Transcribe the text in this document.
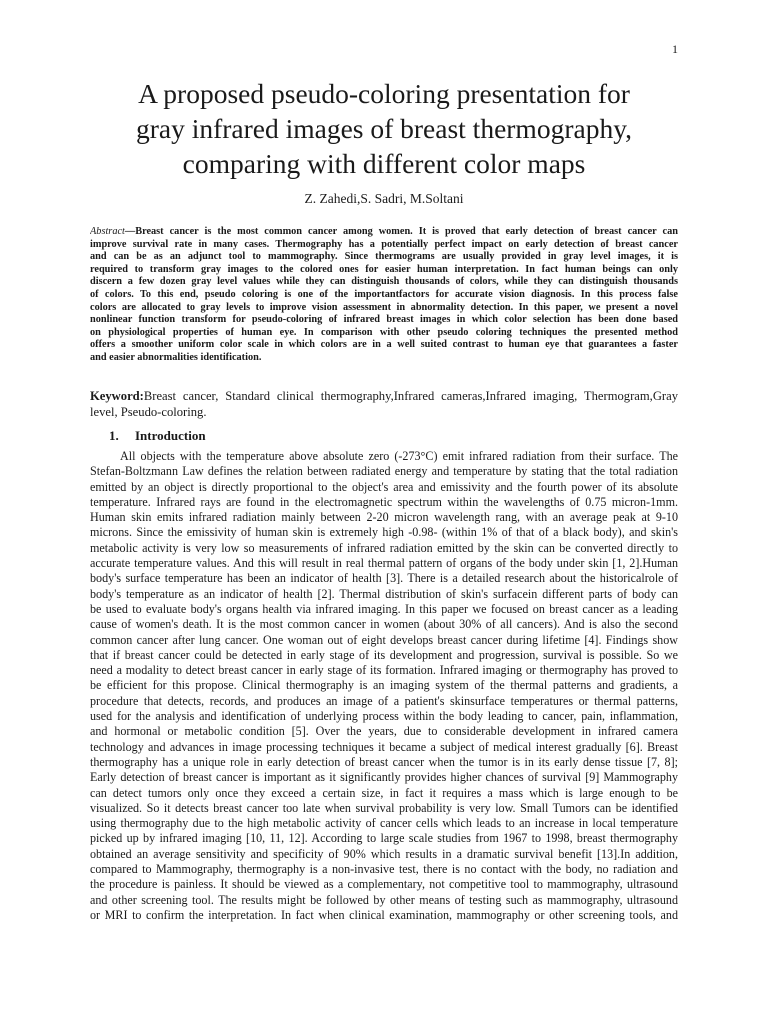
1
A proposed pseudo-coloring presentation for
gray infrared images of breast thermography,
comparing with different color maps
Z. Zahedi,S. Sadri, M.Soltani
Abstract—Breast cancer is the most common cancer among women. It is proved that early detection of breast cancer can
improve survival rate in many cases. Thermography has a potentially perfect impact on early detection of breast cancer
and can be as an adjunct tool to mammography. Since thermograms are usually provided in gray level images, it is
required to transform gray images to the colored ones for easier human interpretation. In fact human beings can only
discern a few dozen gray level values while they can distinguish thousands of colors, while they can distinguish thousands
of colors. To this end, pseudo coloring is one of the importantfactors for accurate vision diagnosis. In this process false
colors are allocated to gray levels to improve vision assessment in abnormality detection. In this paper, we present a novel
nonlinear function transform for pseudo-coloring of infrared breast images in which color selection has been done based
on physiological properties of human eye. In comparison with other pseudo coloring techniques the presented method
offers a smoother uniform color scale in which colors are in a well suited contrast to human eye that guarantees a faster
and easier abnormalities identification.
Keyword:Breast cancer, Standard clinical thermography,Infrared cameras,Infrared imaging, Thermogram,Gray
level, Pseudo-coloring.
1. Introduction
All objects with the temperature above absolute zero (-273°C) emit infrared radiation from their surface. The
Stefan-Boltzmann Law defines the relation between radiated energy and temperature by stating that the total radiation
emitted by an object is directly proportional to the object's area and emissivity and the fourth power of its absolute
temperature. Infrared rays are found in the electromagnetic spectrum within the wavelengths of 0.75 micron-1mm.
Human skin emits infrared radiation mainly between 2-20 micron wavelength rang, with an average peak at 9-10
microns. Since the emissivity of human skin is extremely high -0.98- (within 1% of that of a black body), and skin's
metabolic activity is very low so measurements of infrared radiation emitted by the skin can be converted directly to
accurate temperature values. And this will result in real thermal pattern of organs of the body under skin [1, 2].Human
body's surface temperature has been an indicator of health [3]. There is a detailed research about the historicalrole of
body's temperature as an indicator of health [2]. Thermal distribution of skin's surfacein different parts of body can
be used to evaluate body's organs health via infrared imaging. In this paper we focused on breast cancer as a leading
cause of women's death. It is the most common cancer in women (about 30% of all cancers). And is also the second
common cancer after lung cancer. One woman out of eight develops breast cancer during lifetime [4]. Findings show
that if breast cancer could be detected in early stage of its development and progression, survival is possible. So we
need a modality to detect breast cancer in early stage of its formation. Infrared imaging or thermography has proved to
be efficient for this propose. Clinical thermography is an imaging system of the thermal patterns and gradients, a
procedure that detects, records, and produces an image of a patient's skinsurface temperatures or thermal patterns,
used for the analysis and identification of underlying process within the body leading to cancer, pain, inflammation,
and hormonal or metabolic condition [5]. Over the years, due to considerable development in infrared camera
technology and advances in image processing techniques it became a subject of medical interest gradually [6]. Breast
thermography has a unique role in early detection of breast cancer when the tumor is in its early dense tissue [7, 8];
Early detection of breast cancer is important as it significantly provides higher chances of survival [9] Mammography
can detect tumors only once they exceed a certain size, in fact it requires a mass which is large enough to be
visualized. So it detects breast cancer too late when survival probability is very low. Small Tumors can be identified
using thermography due to the high metabolic activity of cancer cells which leads to an increase in local temperature
picked up by infrared imaging [10, 11, 12]. According to large scale studies from 1967 to 1998, breast thermography
obtained an average sensitivity and specificity of 90% which results in a dramatic survival benefit [13].In addition,
compared to Mammography, thermography is a non-invasive test, there is no contact with the body, no radiation and
the procedure is painless. It should be viewed as a complementary, not competitive tool to mammography, ultrasound
and other screening tool. The results might be followed by other means of testing such as mammography, ultrasound
or MRI to confirm the interpretation. In fact when clinical examination, mammography or other screening tools, and
